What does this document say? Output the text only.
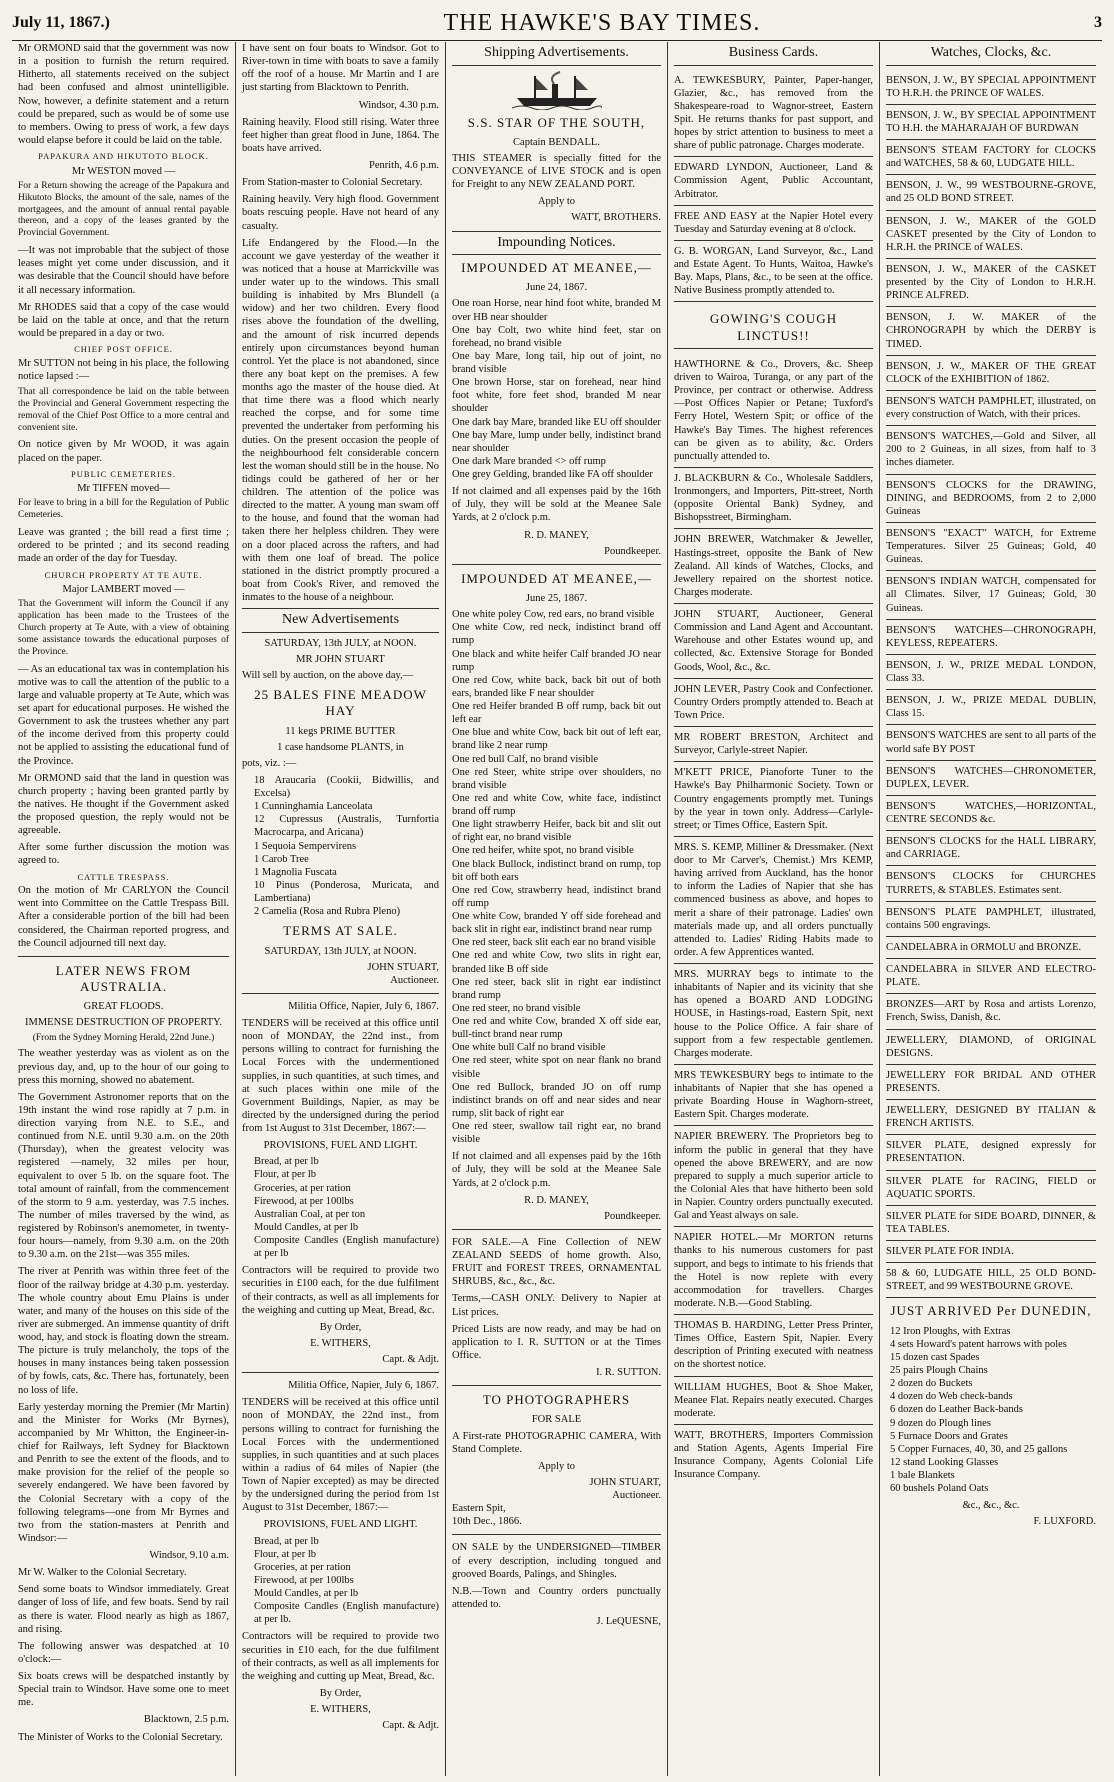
July 11, 1867.)	THE HAWKE'S BAY TIMES.	3

Mr ORMOND said that the government was now in a position to furnish the return required. Hitherto, all statements received on the subject had been confused and almost unintelligible. Now, however, a definite statement and a return could be prepared, such as would be of some use to members. Owing to press of work, a few days would elapse before it could be laid on the table.

PAPAKURA AND HIKUTOTO BLOCK.
Mr WESTON moved —

For a Return showing the acreage of the Papakura and Hikutoto Blocks, the amount of the sale, names of the mortgagees, and the amount of annual rental payable thereon, and a copy of the leases granted by the Provincial Government.

—It was not improbable that the subject of those leases might yet come under discussion, and it was desirable that the Council should have before it all necessary information.

Mr RHODES said that a copy of the case would be laid on the table at once, and that the return would be prepared in a day or two.

CHIEF POST OFFICE.

Mr SUTTON not being in his place, the following notice lapsed :—

That all correspondence be laid on the table between the Provincial and General Government respecting the removal of the Chief Post Office to a more central and convenient site.

On notice given by Mr WOOD, it was again placed on the paper.

PUBLIC CEMETERIES.
Mr TIFFEN moved—

For leave to bring in a bill for the Regulation of Public Cemeteries.

Leave was granted ; the bill read a first time ; ordered to be printed ; and its second reading made an order of the day for Tuesday.

CHURCH PROPERTY AT TE AUTE.
Major LAMBERT moved —

That the Government will inform the Council if any application has been made to the Trustees of the Church property at Te Aute, with a view of obtaining some assistance towards the educational purposes of the Province.

— As an educational tax was in contemplation his motive was to call the attention of the public to a large and valuable property at Te Aute, which was set apart for educational purposes. He wished the Government to ask the trustees whether any part of the income derived from this property could not be applied to assisting the educational fund of the Province.

Mr ORMOND said that the land in question was church property ; having been granted partly by the natives. He thought if the Government asked the proposed question, the reply would not be agreeable.

After some further discussion the motion was agreed to.

CATTLE TRESPASS.

On the motion of Mr CARLYON the Council went into Committee on the Cattle Trespass Bill. After a considerable portion of the bill had been considered, the Chairman reported progress, and the Council adjourned till next day.

LATER NEWS FROM AUSTRALIA.
GREAT FLOODS.
IMMENSE DESTRUCTION OF PROPERTY.
(From the Sydney Morning Herald, 22nd June.)

The weather yesterday was as violent as on the previous day, and, up to the hour of our going to press this morning, showed no abatement.

The Government Astronomer reports that on the 19th instant the wind rose rapidly at 7 p.m. in direction varying from N.E. to S.E., and continued from N.E. until 9.30 a.m. on the 20th (Thursday), when the greatest velocity was registered —namely, 32 miles per hour, equivalent to over 5 lb. on the square foot. The total amount of rainfall, from the commencement of the storm to 9 a.m. yesterday, was 7.5 inches. The number of miles traversed by the wind, as registered by Robinson's anemometer, in twenty-four hours—namely, from 9.30 a.m. on the 20th to 9.30 a.m. on the 21st—was 355 miles.

The river at Penrith was within three feet of the floor of the railway bridge at 4.30 p.m. yesterday. The whole country about Emu Plains is under water, and many of the houses on this side of the river are submerged. An immense quantity of drift wood, hay, and stock is floating down the stream. The picture is truly melancholy, the tops of the houses in many instances being taken possession of by fowls, cats, &c. There has, fortunately, been no loss of life.

Early yesterday morning the Premier (Mr Martin) and the Minister for Works (Mr Byrnes), accompanied by Mr Whitton, the Engineer-in-chief for Railways, left Sydney for Blacktown and Penrith to see the extent of the floods, and to make provision for the relief of the people so severely endangered. We have been favored by the Colonial Secretary with a copy of the following telegrams—one from Mr Byrnes and two from the station-masters at Penrith and Windsor:—

Windsor, 9.10 a.m.

Mr W. Walker to the Colonial Secretary.

Send some boats to Windsor immediately. Great danger of loss of life, and few boats. Send by rail as there is water. Flood nearly as high as 1867, and rising.

The following answer was despatched at 10 o'clock:—

Six boats crews will be despatched instantly by Special train to Windsor. Have some one to meet me.

Blacktown, 2.5 p.m.

The Minister of Works to the Colonial Secretary.

I have sent on four boats to Windsor. Got to River-town in time with boats to save a family off the roof of a house. Mr Martin and I are just starting from Blacktown to Penrith.

Windsor, 4.30 p.m.

Raining heavily. Flood still rising. Water three feet higher than great flood in June, 1864. The boats have arrived.

Penrith, 4.6 p.m.

From Station-master to Colonial Secretary.

Raining heavily. Very high flood. Government boats rescuing people. Have not heard of any casualty.

Life Endangered by the Flood.—In the account we gave yesterday of the weather it was noticed that a house at Marrickville was under water up to the windows. This small building is inhabited by Mrs Blundell (a widow) and her two children. Every flood rises above the foundation of the dwelling, and the amount of risk incurred depends entirely upon circumstances beyond human control. Yet the place is not abandoned, since there any boat kept on the premises. A few months ago the master of the house died. At that time there was a flood which nearly reached the corpse, and for some time prevented the undertaker from performing his duties. On the present occasion the people of the neighbourhood felt considerable concern lest the woman should still be in the house. No tidings could be gathered of her or her children. The attention of the police was directed to the matter. A young man swam off to the house, and found that the woman had taken there her helpless children. They were on a door placed across the rafters, and had with them one loaf of bread. The police stationed in the district promptly procured a boat from Cook's River, and removed the inmates to the house of a neighbour.

New Advertisements
SATURDAY, 13th JULY, at NOON.
MR JOHN STUART

Will sell by auction, on the above day,—

25 BALES FINE MEADOW HAY
11 kegs PRIME BUTTER
1 case handsome PLANTS, in

pots, viz. :—

18 Araucaria (Cookii, Bidwillis, and Excelsa)
1 Cunninghamia Lanceolata
12 Cupressus (Australis, Turnfortia Macrocarpa, and Aricana)
1 Sequoia Sempervirens
1 Carob Tree
1 Magnolia Fuscata
10 Pinus (Ponderosa, Muricata, and Lambertiana)
2 Camelia (Rosa and Rubra Pleno)
TERMS AT SALE.
SATURDAY, 13th JULY, at NOON.
JOHN STUART,
Auctioneer.

Militia Office, Napier, July 6, 1867.

TENDERS will be received at this office until noon of MONDAY, the 22nd inst., from persons willing to contract for furnishing the Local Forces with the undermentioned supplies, in such quantities, at such times, and at such places within one mile of the Government Buildings, Napier, as may be directed by the undersigned during the period from 1st August to 31st December, 1867:—

PROVISIONS, FUEL AND LIGHT.
Bread, at per lb
Flour, at per lb
Groceries, at per ration
Firewood, at per 100lbs
Australian Coal, at per ton
Mould Candles, at per lb
Composite Candles (English manufacture) at per lb

Contractors will be required to provide two securities in £100 each, for the due fulfilment of their contracts, as well as all implements for the weighing and cutting up Meat, Bread, &c.

By Order,
E. WITHERS,
Capt. & Adjt.

Militia Office, Napier, July 6, 1867.

TENDERS will be received at this office until noon of MONDAY, the 22nd inst., from persons willing to contract for furnishing the Local Forces with the undermentioned supplies, in such quantities and at such places within a radius of 64 miles of Napier (the Town of Napier excepted) as may be directed by the undersigned during the period from 1st August to 31st December, 1867:—

PROVISIONS, FUEL AND LIGHT.
Bread, at per lb
Flour, at per lb
Groceries, at per ration
Firewood, at per 100lbs
Mould Candles, at per lb
Composite Candles (English manufacture) at per lb.

Contractors will be required to provide two securities in £10 each, for the due fulfilment of their contracts, as well as all implements for the weighing and cutting up Meat, Bread, &c.

By Order,
E. WITHERS,
Capt. & Adjt.
Shipping Advertisements.
S.S. STAR OF THE SOUTH,
Captain BENDALL.

THIS STEAMER is specially fitted for the CONVEYANCE of LIVE STOCK and is open for Freight to any NEW ZEALAND PORT.

Apply to
WATT, BROTHERS.
Impounding Notices.
IMPOUNDED AT MEANEE,—
June 24, 1867.
One roan Horse, near hind foot white, branded M over HB near shoulder
One bay Colt, two white hind feet, star on forehead, no brand visible
One bay Mare, long tail, hip out of joint, no brand visible
One brown Horse, star on forehead, near hind foot white, fore feet shod, branded M near shoulder
One dark bay Mare, branded like EU off shoulder
One bay Mare, lump under belly, indistinct brand near shoulder
One dark Mare branded <> off rump
One grey Gelding, branded like FA off shoulder

If not claimed and all expenses paid by the 16th of July, they will be sold at the Meanee Sale Yards, at 2 o'clock p.m.

R. D. MANEY,
Poundkeeper.
IMPOUNDED AT MEANEE,—
June 25, 1867.
One white poley Cow, red ears, no brand visible
One white Cow, red neck, indistinct brand off rump
One black and white heifer Calf branded JO near rump
One red Cow, white back, back bit out of both ears, branded like F near shoulder
One red Heifer branded B off rump, back bit out left ear
One blue and white Cow, back bit out of left ear, brand like 2 near rump
One red bull Calf, no brand visible
One red Steer, white stripe over shoulders, no brand visible
One red and white Cow, white face, indistinct brand off rump
One light strawberry Heifer, back bit and slit out of right ear, no brand visible
One red heifer, white spot, no brand visible
One black Bullock, indistinct brand on rump, top bit off both ears
One red Cow, strawberry head, indistinct brand off rump
One white Cow, branded Y off side forehead and back slit in right ear, indistinct brand near rump
One red steer, back slit each ear no brand visible
One red and white Cow, two slits in right ear, branded like B off side
One red steer, back slit in right ear indistinct brand rump
One red steer, no brand visible
One red and white Cow, branded X off side ear, bull-tinct brand near rump
One white bull Calf no brand visible
One red steer, white spot on near flank no brand visible
One red Bullock, branded JO on off rump indistinct brands on off and near sides and near rump, slit back of right ear
One red steer, swallow tail right ear, no brand visible

If not claimed and all expenses paid by the 16th of July, they will be sold at the Meanee Sale Yards, at 2 o'clock p.m.

R. D. MANEY,
Poundkeeper.

FOR SALE.—A Fine Collection of NEW ZEALAND SEEDS of home growth. Also, FRUIT and FOREST TREES, ORNAMENTAL SHRUBS, &c., &c., &c.

Terms,—CASH ONLY. Delivery to Napier at List prices.

Priced Lists are now ready, and may be had on application to I. R. SUTTON or at the Times Office.

I. R. SUTTON.
TO PHOTOGRAPHERS
FOR SALE

A First-rate PHOTOGRAPHIC CAMERA, With Stand Complete.

Apply to
JOHN STUART,
Auctioneer.
Eastern Spit,
10th Dec., 1866.

ON SALE by the UNDERSIGNED—TIMBER of every description, including tongued and grooved Boards, Palings, and Shingles.

N.B.—Town and Country orders punctually attended to.

J. LeQUESNE,
Business Cards.
A. TEWKESBURY, Painter, Paper-hanger, Glazier, &c., has removed from the Shakespeare-road to Wagnor-street, Eastern Spit. He returns thanks for past support, and hopes by strict attention to business to meet a share of public patronage. Charges moderate.
EDWARD LYNDON, Auctioneer, Land & Commission Agent, Public Accountant, Arbitrator.
FREE AND EASY at the Napier Hotel every Tuesday and Saturday evening at 8 o'clock.
G. B. WORGAN, Land Surveyor, &c., Land and Estate Agent. To Hunts, Waitoa, Hawke's Bay. Maps, Plans, &c., to be seen at the office. Native Business promptly attended to.
GOWING'S COUGH LINCTUS!!
HAWTHORNE & Co., Drovers, &c. Sheep driven to Wairoa, Turanga, or any part of the Province, per contract or otherwise. Address —Post Offices Napier or Petane; Tuxford's Ferry Hotel, Western Spit; or office of the Hawke's Bay Times. The highest references can be given as to ability, &c. Orders punctually attended to.
J. BLACKBURN & Co., Wholesale Saddlers, Ironmongers, and Importers, Pitt-street, North (opposite Oriental Bank) Sydney, and Bishopsstreet, Birmingham.
JOHN BREWER, Watchmaker & Jeweller, Hastings-street, opposite the Bank of New Zealand. All kinds of Watches, Clocks, and Jewellery repaired on the shortest notice. Charges moderate.
JOHN STUART, Auctioneer, General Commission and Land Agent and Accountant. Warehouse and other Estates wound up, and collected, &c. Extensive Storage for Bonded Goods, Wool, &c., &c.
JOHN LEVER, Pastry Cook and Confectioner. Country Orders promptly attended to. Beach at Town Price.
MR ROBERT BRESTON, Architect and Surveyor, Carlyle-street Napier.
M'KETT PRICE, Pianoforte Tuner to the Hawke's Bay Philharmonic Society. Town or Country engagements promptly met. Tunings by the year in town only. Address—Carlyle-street; or Times Office, Eastern Spit.
MRS. S. KEMP, Milliner & Dressmaker. (Next door to Mr Carver's, Chemist.) Mrs KEMP, having arrived from Auckland, has the honor to inform the Ladies of Napier that she has commenced business as above, and hopes to merit a share of their patronage. Ladies' own materials made up, and all orders punctually attended to. Ladies' Riding Habits made to order. A few Apprentices wanted.
MRS. MURRAY begs to intimate to the inhabitants of Napier and its vicinity that she has opened a BOARD AND LODGING HOUSE, in Hastings-road, Eastern Spit, next house to the Police Office. A fair share of support from a few respectable gentlemen. Charges moderate.
MRS TEWKESBURY begs to intimate to the inhabitants of Napier that she has opened a private Boarding House in Waghorn-street, Eastern Spit. Charges moderate.
NAPIER BREWERY. The Proprietors beg to inform the public in general that they have opened the above BREWERY, and are now prepared to supply a much superior article to the Colonial Ales that have hitherto been sold in Napier. Country orders punctually executed. Gal and Yeast always on sale.
NAPIER HOTEL.—Mr MORTON returns thanks to his numerous customers for past support, and begs to intimate to his friends that the Hotel is now replete with every accommodation for travellers. Charges moderate. N.B.—Good Stabling.
THOMAS B. HARDING, Letter Press Printer, Times Office, Eastern Spit, Napier. Every description of Printing executed with neatness on the shortest notice.
WILLIAM HUGHES, Boot & Shoe Maker, Meanee Flat. Repairs neatly executed. Charges moderate.
WATT, BROTHERS, Importers Commission and Station Agents, Agents Imperial Fire Insurance Company, Agents Colonial Life Insurance Company.
Watches, Clocks, &c.
BENSON, J. W., BY SPECIAL APPOINTMENT TO H.R.H. the PRINCE OF WALES.
BENSON, J. W., BY SPECIAL APPOINTMENT TO H.H. the MAHARAJAH OF BURDWAN
BENSON'S STEAM FACTORY for CLOCKS and WATCHES, 58 & 60, LUDGATE HILL.
BENSON, J. W., 99 WESTBOURNE-GROVE, and 25 OLD BOND STREET.
BENSON, J. W., MAKER of the GOLD CASKET presented by the City of London to H.R.H. the PRINCE of WALES.
BENSON, J. W., MAKER of the CASKET presented by the City of London to H.R.H. PRINCE ALFRED.
BENSON, J. W. MAKER of the CHRONOGRAPH by which the DERBY is TIMED.
BENSON, J. W., MAKER OF THE GREAT CLOCK of the EXHIBITION of 1862.
BENSON'S WATCH PAMPHLET, illustrated, on every construction of Watch, with their prices.
BENSON'S WATCHES,—Gold and Silver, all 200 to 2 Guineas, in all sizes, from half to 3 inches diameter.
BENSON'S CLOCKS for the DRAWING, DINING, and BEDROOMS, from 2 to 2,000 Guineas
BENSON'S "EXACT" WATCH, for Extreme Temperatures. Silver 25 Guineas; Gold, 40 Guineas.
BENSON'S INDIAN WATCH, compensated for all Climates. Silver, 17 Guineas; Gold, 30 Guineas.
BENSON'S WATCHES—CHRONOGRAPH, KEYLESS, REPEATERS.
BENSON, J. W., PRIZE MEDAL LONDON, Class 33.
BENSON, J. W., PRIZE MEDAL DUBLIN, Class 15.
BENSON'S WATCHES are sent to all parts of the world safe BY POST
BENSON'S WATCHES—CHRONOMETER, DUPLEX, LEVER.
BENSON'S WATCHES,—HORIZONTAL, CENTRE SECONDS &c.
BENSON'S CLOCKS for the HALL LIBRARY, and CARRIAGE.
BENSON'S CLOCKS for CHURCHES TURRETS, & STABLES. Estimates sent.
BENSON'S PLATE PAMPHLET, illustrated, contains 500 engravings.
CANDELABRA in ORMOLU and BRONZE.
CANDELABRA in SILVER AND ELECTRO-PLATE.
BRONZES—ART by Rosa and artists Lorenzo, French, Swiss, Danish, &c.
JEWELLERY, DIAMOND, of ORIGINAL DESIGNS.
JEWELLERY FOR BRIDAL AND OTHER PRESENTS.
JEWELLERY, DESIGNED BY ITALIAN & FRENCH ARTISTS.
SILVER PLATE, designed expressly for PRESENTATION.
SILVER PLATE for RACING, FIELD or AQUATIC SPORTS.
SILVER PLATE for SIDE BOARD, DINNER, & TEA TABLES.
SILVER PLATE FOR INDIA.
58 & 60, LUDGATE HILL, 25 OLD BOND-STREET, and 99 WESTBOURNE GROVE.
JUST ARRIVED Per DUNEDIN,
12 Iron Ploughs, with Extras
4 sets Howard's patent harrows with poles
15 dozen cast Spades
25 pairs Plough Chains
2 dozen do Buckets
4 dozen do Web check-bands
6 dozen do Leather Back-bands
9 dozen do Plough lines
5 Furnace Doors and Grates
5 Copper Furnaces, 40, 30, and 25 gallons
12 stand Looking Glasses
1 bale Blankets
60 bushels Poland Oats
&c., &c., &c.
F. LUXFORD.
